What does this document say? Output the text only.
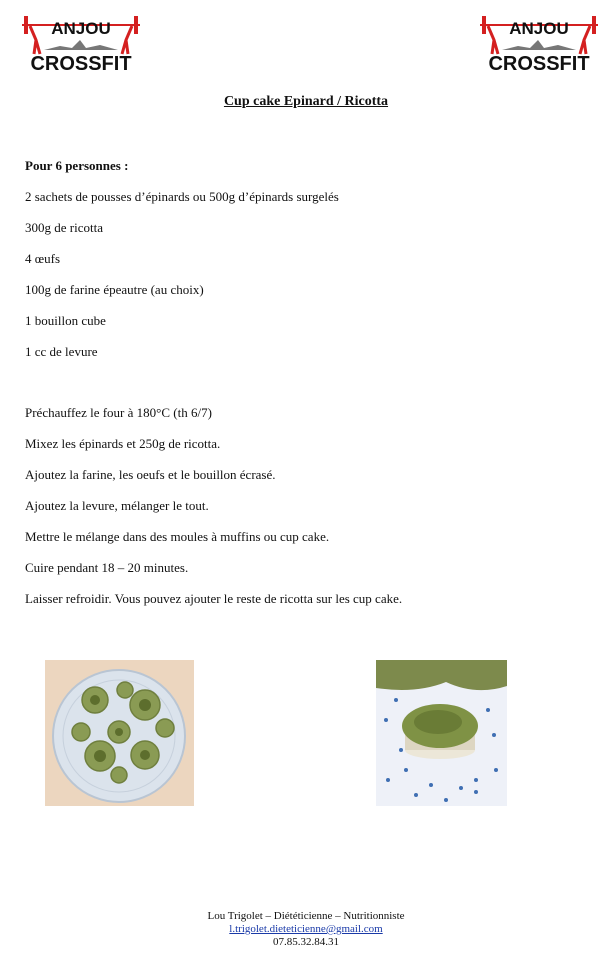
ANJOU
CROSSFIT
ANJOU
CROSSFIT
Cup cake Epinard / Ricotta
Pour 6 personnes :
2 sachets de pousses d’épinards ou 500g d’épinards surgelés
300g de ricotta
4 œufs
100g de farine épeautre (au choix)
1 bouillon cube
1 cc de levure
Préchauffez le four à 180°C (th 6/7)
Mixez les épinards et 250g de ricotta.
Ajoutez la farine, les oeufs et le bouillon écrasé.
Ajoutez la levure, mélanger le tout.
Mettre le mélange dans des moules à muffins ou cup cake.
Cuire pendant 18 – 20 minutes.
Laisser refroidir. Vous pouvez ajouter le reste de ricotta sur les cup cake.
Lou Trigolet – Diététicienne – Nutritionniste
l.trigolet.dieteticienne@gmail.com
07.85.32.84.31
